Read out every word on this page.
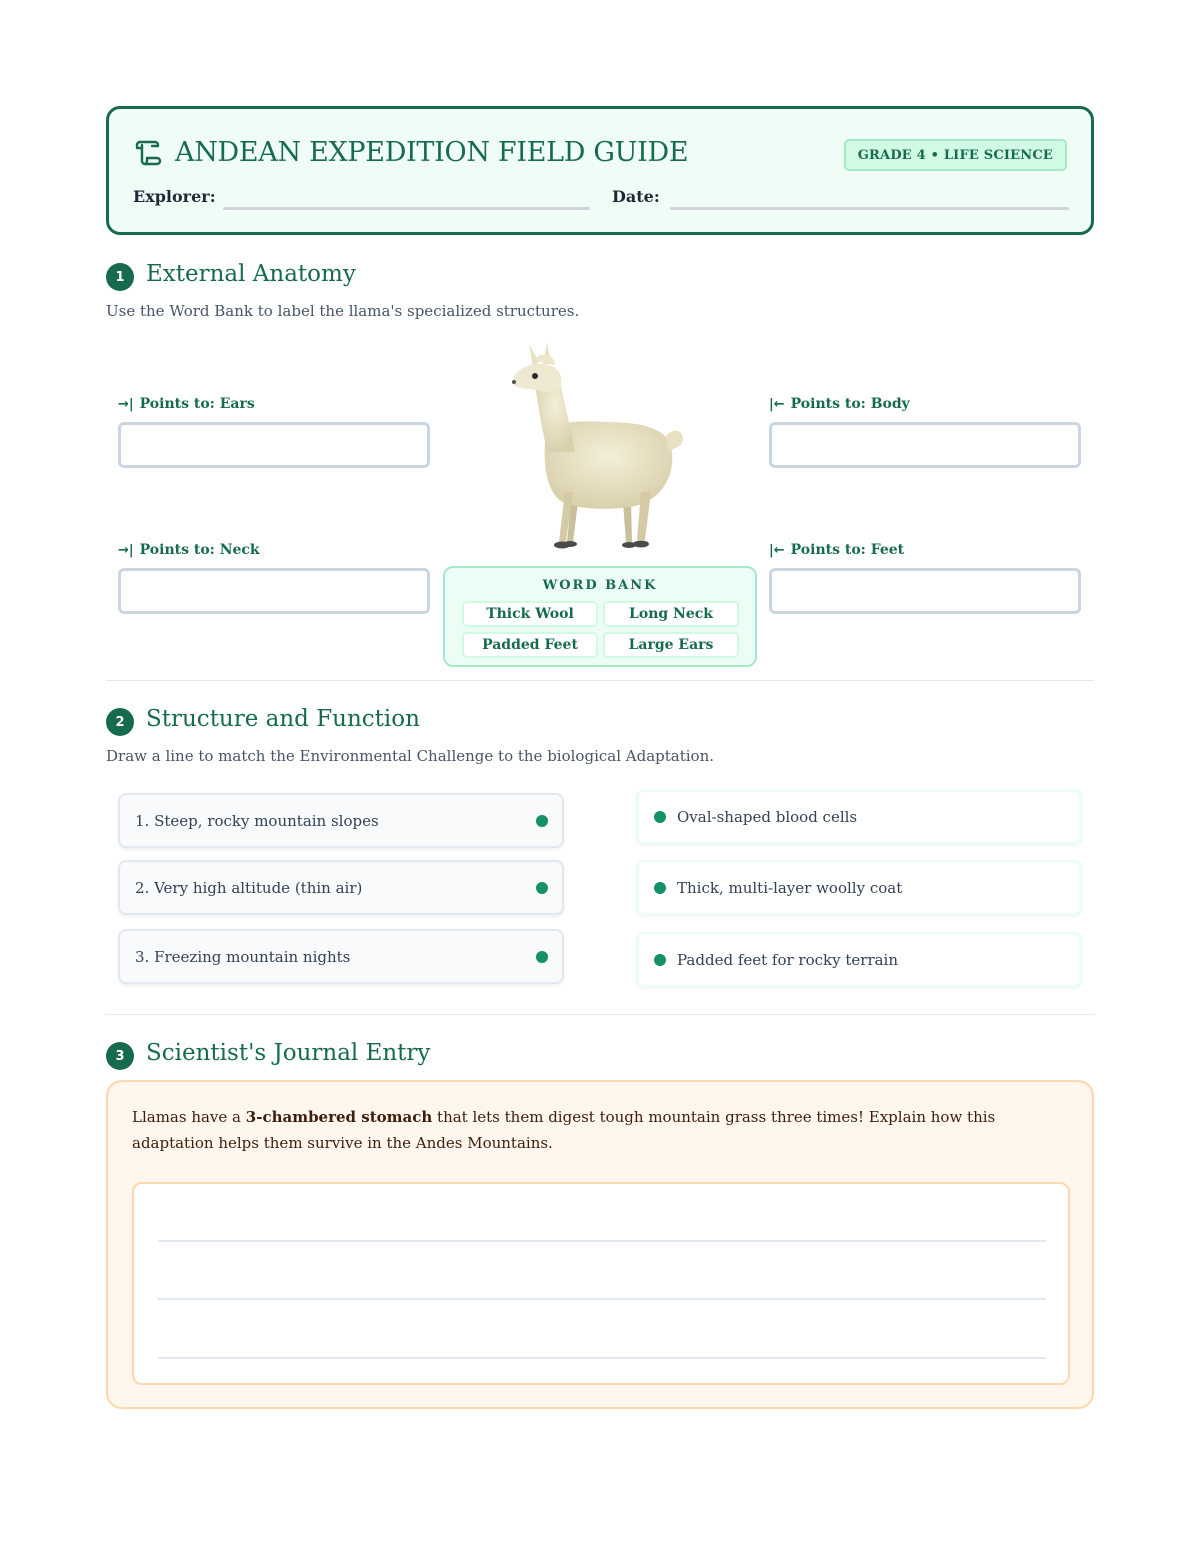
ANDEAN EXPEDITION FIELD GUIDE	GRADE 4 • LIFE SCIENCE
Explorer:	Date:
1 External Anatomy
Use the Word Bank to label the llama's specialized structures.
→| Points to: Ears
→| Points to: Neck
|← Points to: Body
|← Points to: Feet
WORD BANK
Thick Wool	Long Neck
Padded Feet	Large Ears
2 Structure and Function
Draw a line to match the Environmental Challenge to the biological Adaptation.
1. Steep, rocky mountain slopes
2. Very high altitude (thin air)
3. Freezing mountain nights
Oval-shaped blood cells
Thick, multi-layer woolly coat
Padded feet for rocky terrain
3 Scientist's Journal Entry

Llamas have a 3-chambered stomach that lets them digest tough mountain grass three times! Explain how this adaptation helps them survive in the Andes Mountains.
